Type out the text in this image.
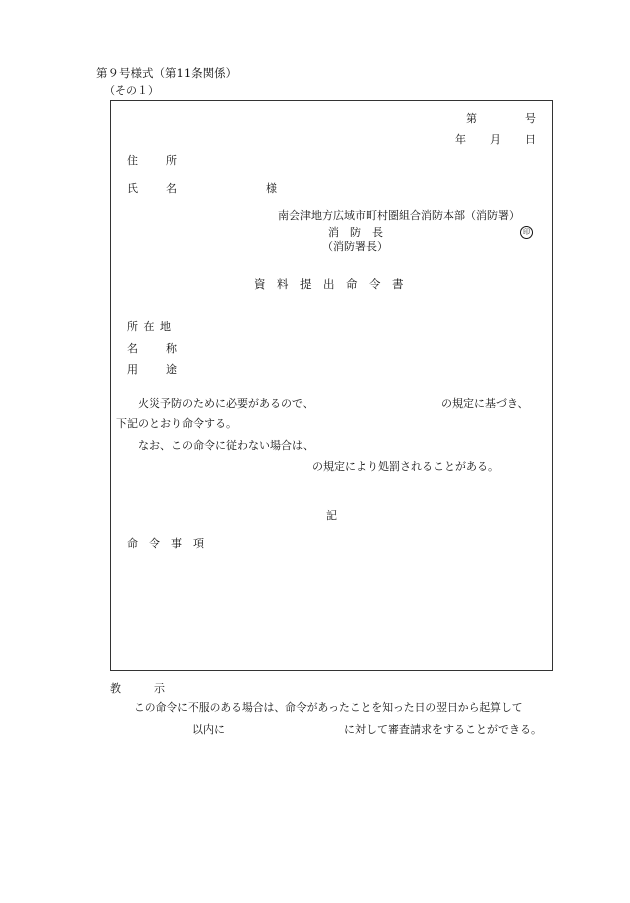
第９号様式（第11条関係）
（その１）
第	号
年 月 日
住　　所
氏　　名	様
南会津地方広域市町村圏組合消防本部（消防署）
消　防　長	印
（消防署長）
資　料　提　出　命　令　書
所 在 地
名　　称
用　　途
火災予防のために必要があるので、	の規定に基づき、
下記のとおり命令する。
なお、この命令に従わない場合は、
の規定により処罰されることがある。
記
命　令　事　項
教　　　示
この命令に不服のある場合は、命令があったことを知った日の翌日から起算して
以内に	に対して審査請求をすることができる。
